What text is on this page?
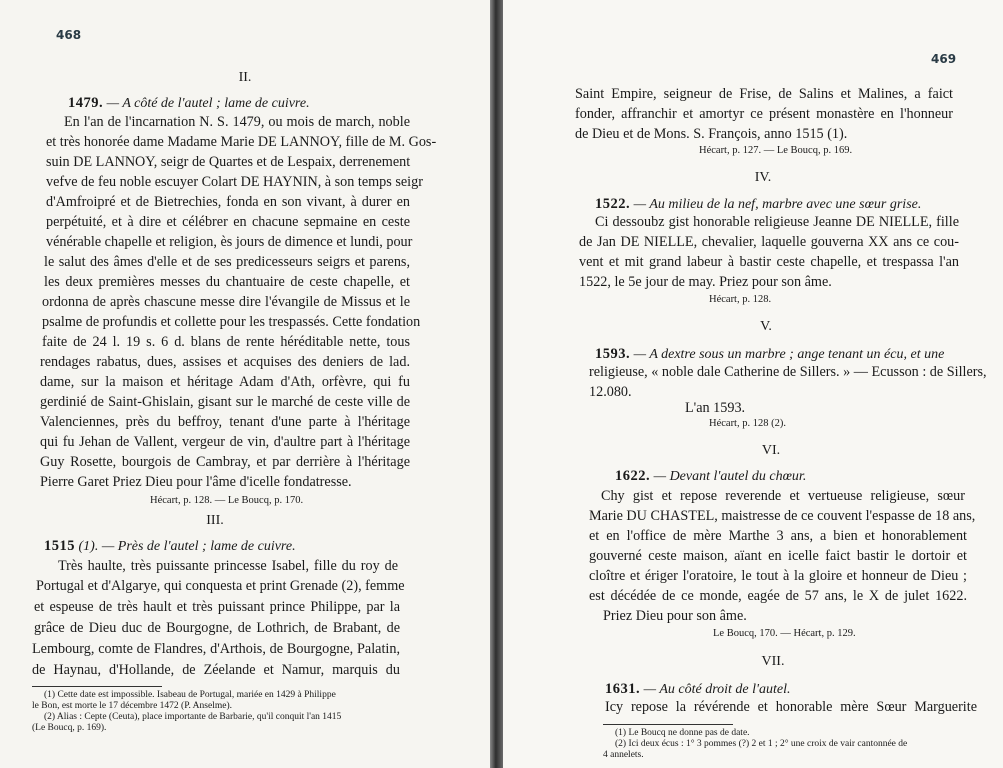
468
II.
1479. — A côté de l'autel ; lame de cuivre.
En l'an de l'incarnation N. S. 1479, ou mois de march, noble
et très honorée dame Madame Marie DE LANNOY, fille de M. Gos-
suin DE LANNOY, seigr de Quartes et de Lespaix, derrenement
vefve de feu noble escuyer Colart DE HAYNIN, à son temps seigr
d'Amfroipré et de Bietrechies, fonda en son vivant, à durer en
perpétuité, et à dire et célébrer en chacune sepmaine en ceste
vénérable chapelle et religion, ès jours de dimence et lundi, pour
le salut des âmes d'elle et de ses predicesseurs seigrs et parens,
les deux premières messes du chantuaire de ceste chapelle, et
ordonna de après chascune messe dire l'évangile de Missus et le
psalme de profundis et collette pour les trespassés. Cette fondation
faite de 24 l. 19 s. 6 d. blans de rente héréditable nette, tous
rendages rabatus, dues, assises et acquises des deniers de lad.
dame, sur la maison et héritage Adam d'Ath, orfèvre, qui fu
gerdinié de Saint-Ghislain, gisant sur le marché de ceste ville de
Valenciennes, près du beffroy, tenant d'une parte à l'héritage
qui fu Jehan de Vallent, vergeur de vin, d'aultre part à l'héritage
Guy Rosette, bourgois de Cambray, et par derrière à l'héritage
Pierre Garet Priez Dieu pour l'âme d'icelle fondatresse.
Hécart, p. 128. — Le Boucq, p. 170.
III.
1515 (1). — Près de l'autel ; lame de cuivre.
Très haulte, très puissante princesse Isabel, fille du roy de
Portugal et d'Algarye, qui conquesta et print Grenade (2), femme
et espeuse de très hault et très puissant prince Philippe, par la
grâce de Dieu duc de Bourgogne, de Lothrich, de Brabant, de
Lembourg, comte de Flandres, d'Arthois, de Bourgogne, Palatin,
de Haynau, d'Hollande, de Zéelande et Namur, marquis du
(1) Cette date est impossible. Isabeau de Portugal, mariée en 1429 à Philippe
le Bon, est morte le 17 décembre 1472 (P. Anselme).
(2) Alias : Cepte (Ceuta), place importante de Barbarie, qu'il conquit l'an 1415
(Le Boucq, p. 169).
469
Saint Empire, seigneur de Frise, de Salins et Malines, a faict
fonder, affranchir et amortyr ce présent monastère en l'honneur
de Dieu et de Mons. S. François, anno 1515 (1).
Hécart, p. 127. — Le Boucq, p. 169.
IV.
1522. — Au milieu de la nef, marbre avec une sœur grise.
Ci dessoubz gist honorable religieuse Jeanne DE NIELLE, fille
de Jan DE NIELLE, chevalier, laquelle gouverna XX ans ce cou-
vent et mit grand labeur à bastir ceste chapelle, et trespassa l'an
1522, le 5e jour de may. Priez pour son âme.
Hécart, p. 128.
V.
1593. — A dextre sous un marbre ; ange tenant un écu, et une
religieuse, « noble dale Catherine de Sillers. » — Ecusson : de Sillers,
12.080.
L'an 1593.
Hécart, p. 128 (2).
VI.
1622. — Devant l'autel du chœur.
Chy gist et repose reverende et vertueuse religieuse, sœur
Marie DU CHASTEL, maistresse de ce couvent l'espasse de 18 ans,
et en l'office de mère Marthe 3 ans, a bien et honorablement
gouverné ceste maison, aïant en icelle faict bastir le dortoir et
cloître et ériger l'oratoire, le tout à la gloire et honneur de Dieu ;
est décédée de ce monde, eagée de 57 ans, le X de julet 1622.
Priez Dieu pour son âme.
Le Boucq, 170. — Hécart, p. 129.
VII.
1631. — Au côté droit de l'autel.
Icy repose la révérende et honorable mère Sœur Marguerite
(1) Le Boucq ne donne pas de date.
(2) Ici deux écus : 1° 3 pommes (?) 2 et 1 ; 2° une croix de vair cantonnée de
4 annelets.
